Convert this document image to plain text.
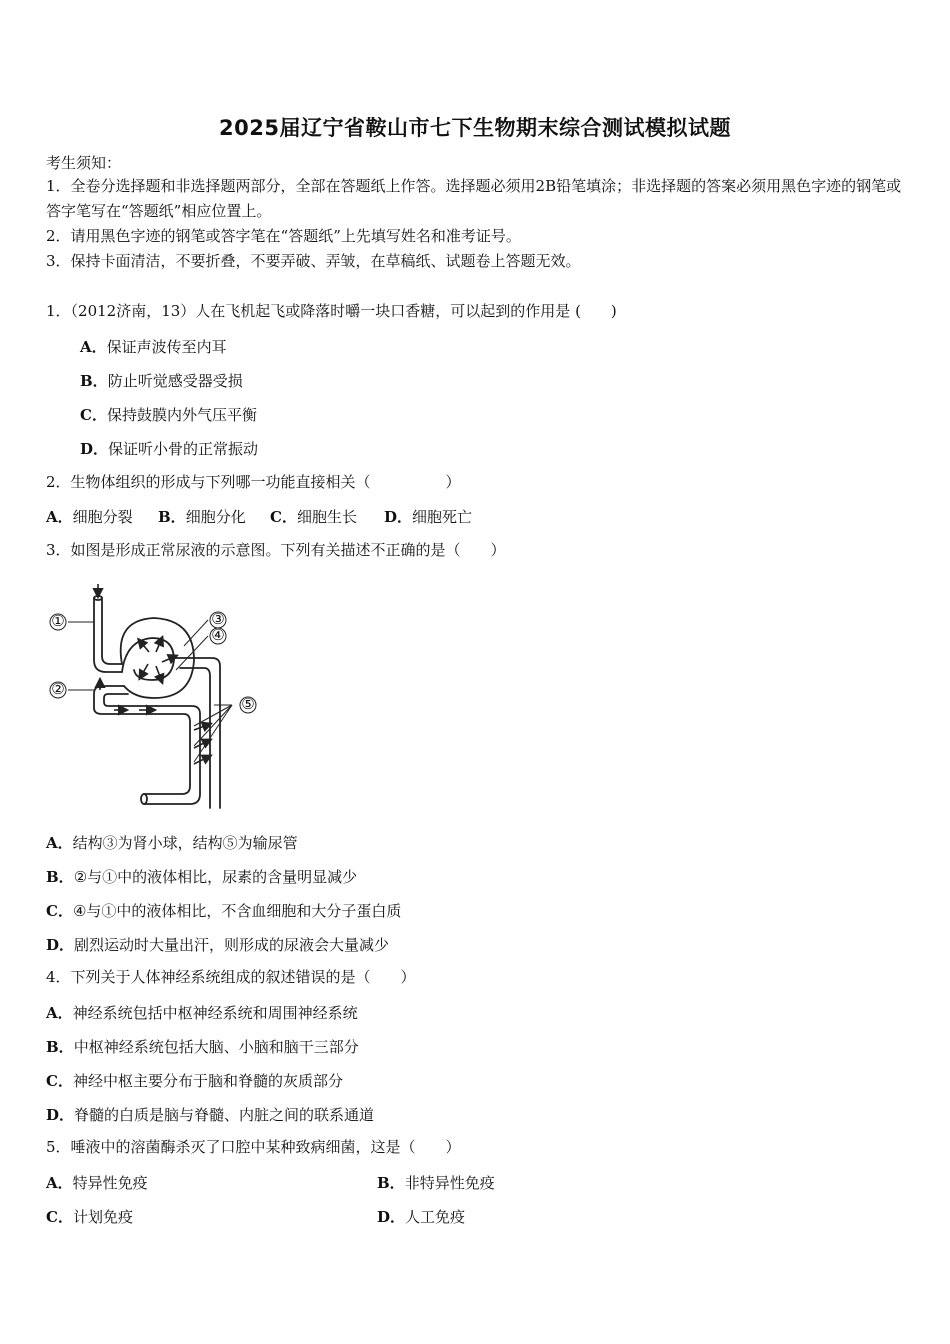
2025届辽宁省鞍山市七下生物期末综合测试模拟试题
考生须知：

1．全卷分选择题和非选择题两部分，全部在答题纸上作答。选择题必须用2B铅笔填涂；非选择题的答案必须用黑色字迹的钢笔或答字笔写在“答题纸”相应位置上。

2．请用黑色字迹的钢笔或答字笔在“答题纸”上先填写姓名和准考证号。

3．保持卡面清洁，不要折叠，不要弄破、弄皱，在草稿纸、试题卷上答题无效。

1．（2012济南，13）人在飞机起飞或降落时嚼一块口香糖，可以起到的作用是 (　　)
A．保证声波传至内耳
B．防止听觉感受器受损
C．保持鼓膜内外气压平衡
D．保证听小骨的正常振动
2．生物体组织的形成与下列哪一功能直接相关（　　　　　）
A．细胞分裂 B．细胞分化 C．细胞生长 D．细胞死亡
3．如图是形成正常尿液的示意图。下列有关描述不正确的是（　　）
①
②
③
④
⑤
A．结构③为肾小球，结构⑤为输尿管
B．②与①中的液体相比，尿素的含量明显减少
C．④与①中的液体相比，不含血细胞和大分子蛋白质
D．剧烈运动时大量出汗，则形成的尿液会大量减少
4．下列关于人体神经系统组成的叙述错误的是（　　）
A．神经系统包括中枢神经系统和周围神经系统
B．中枢神经系统包括大脑、小脑和脑干三部分
C．神经中枢主要分布于脑和脊髓的灰质部分
D．脊髓的白质是脑与脊髓、内脏之间的联系通道
5．唾液中的溶菌酶杀灭了口腔中某种致病细菌，这是（　　）
A．特异性免疫	B．非特异性免疫
C．计划免疫	D．人工免疫
